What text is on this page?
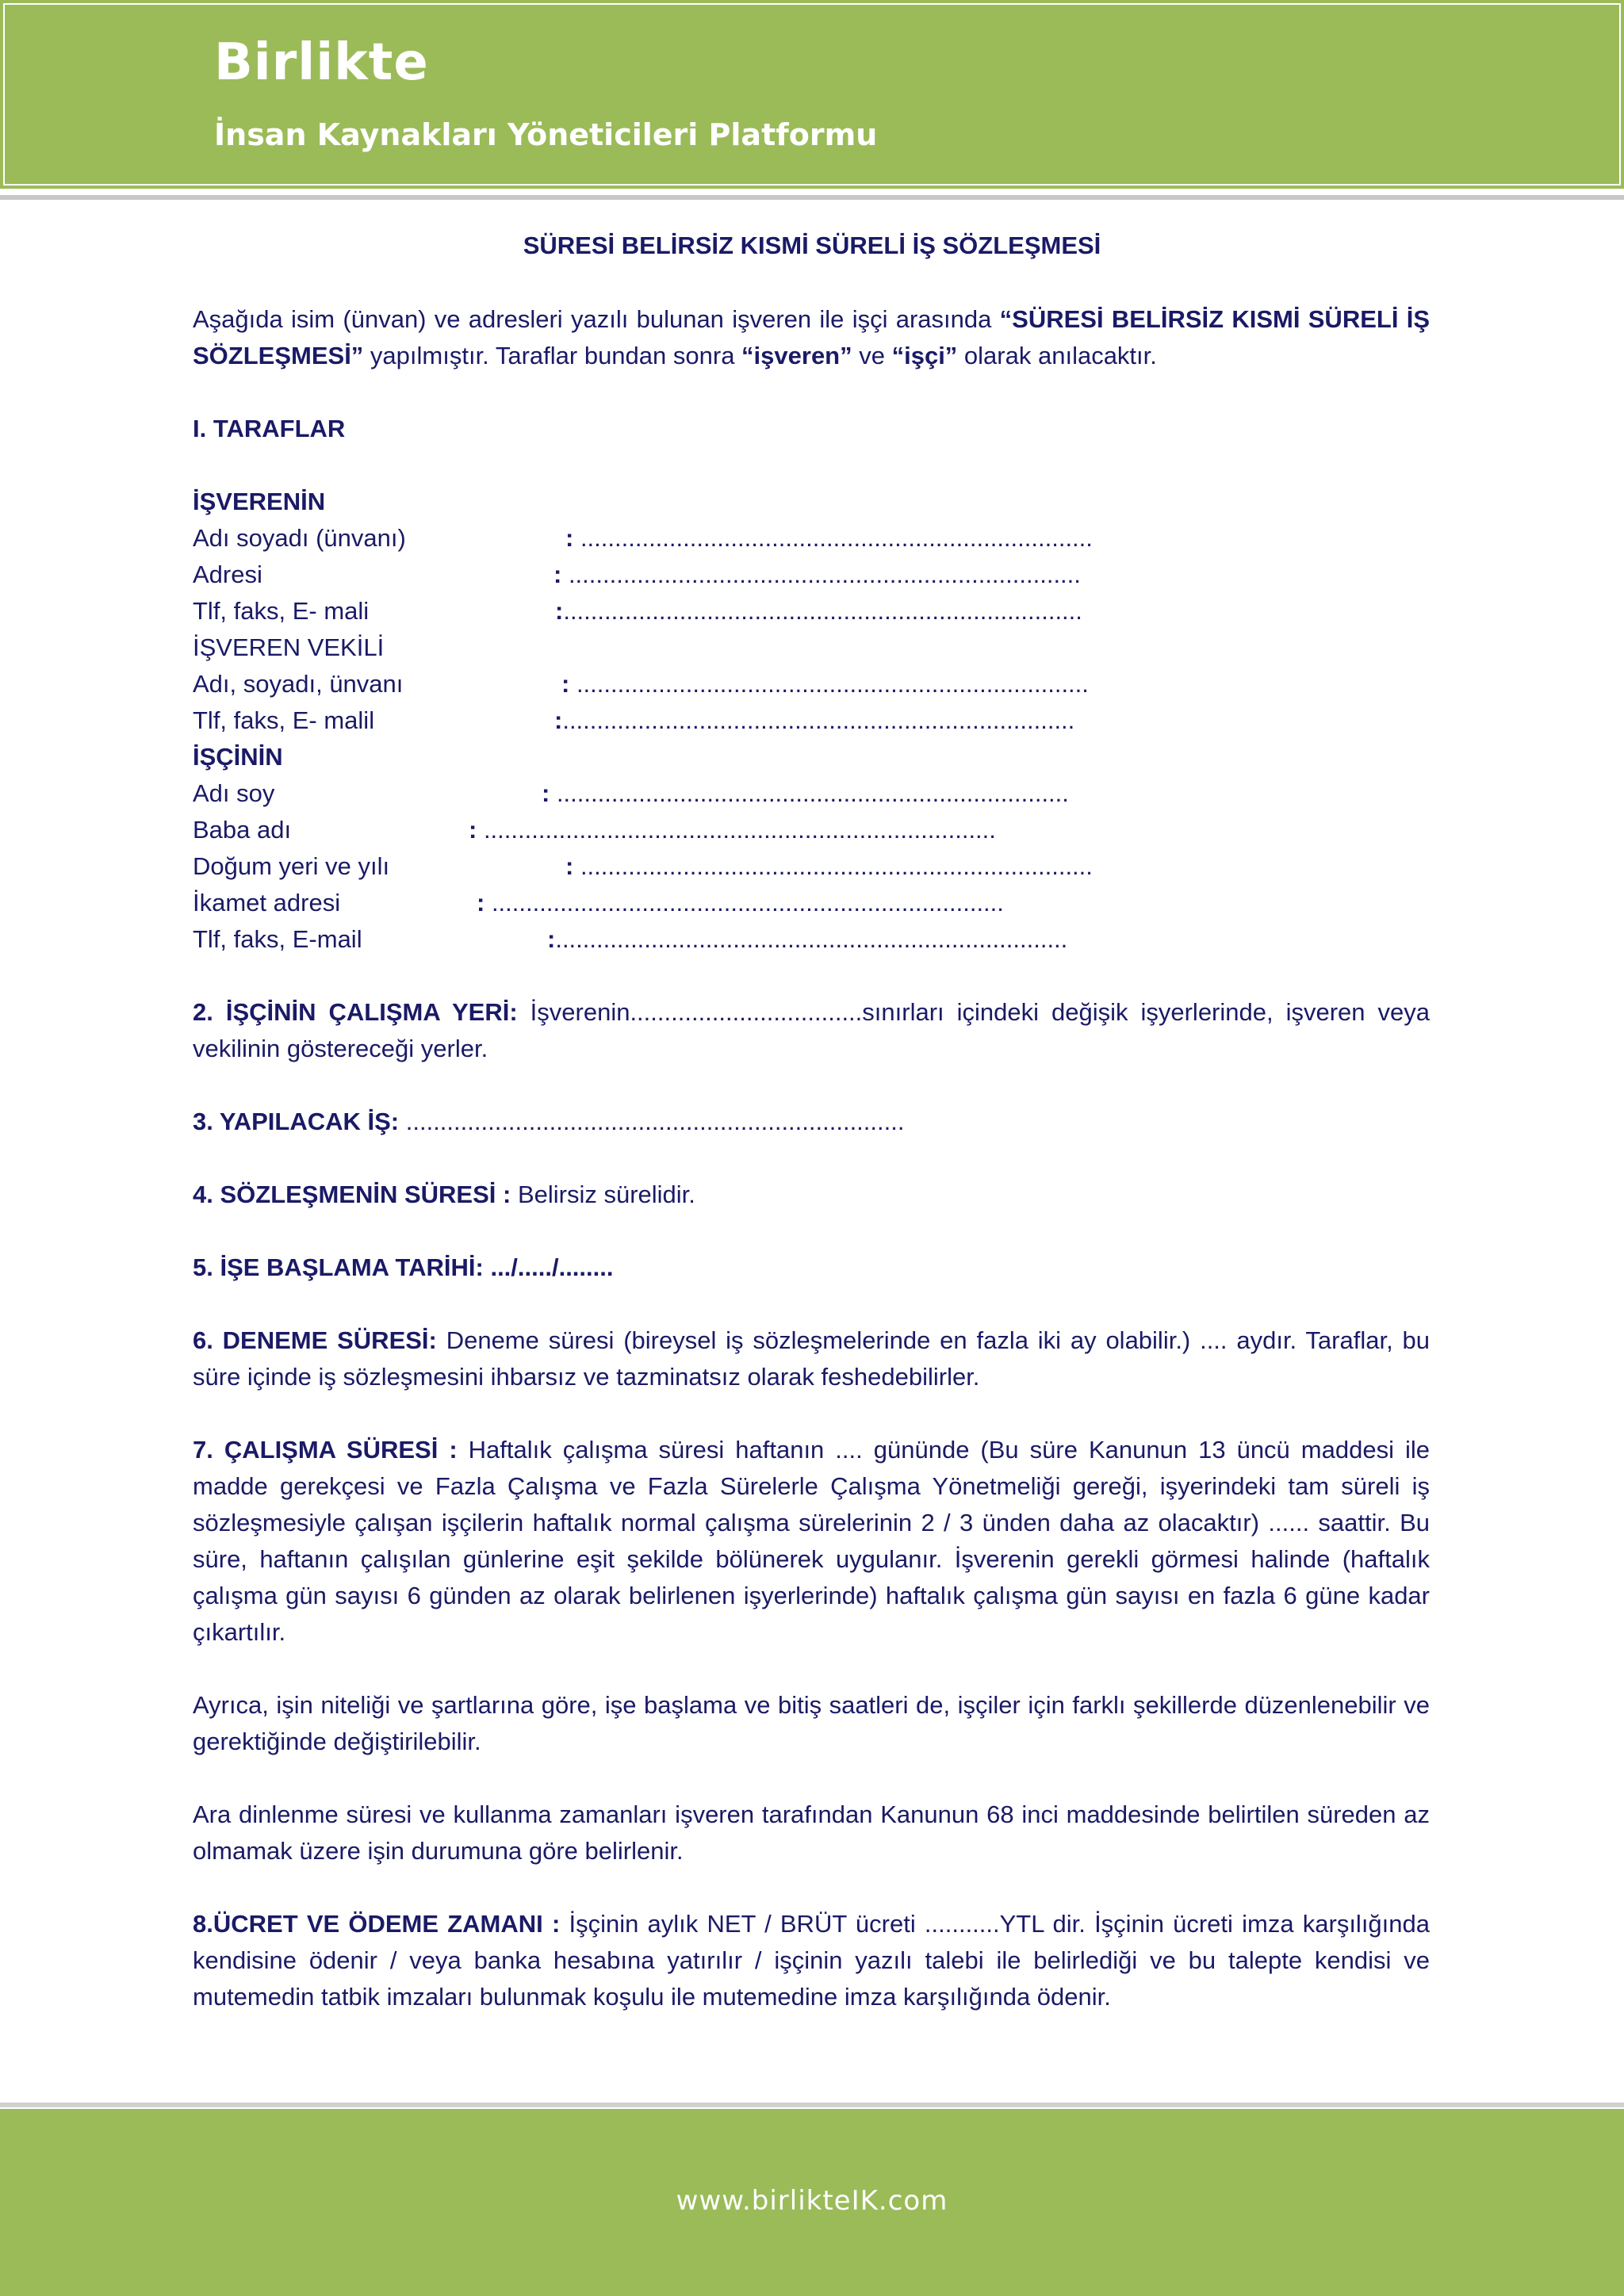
Birlikte
İnsan Kaynakları Yöneticileri Platformu
SÜRESİ BELİRSİZ KISMİ SÜRELİ İŞ SÖZLEŞMESİ

Aşağıda isim (ünvan) ve adresleri yazılı bulunan işveren ile işçi arasında “SÜRESİ BELİRSİZ KISMİ SÜRELİ İŞ SÖZLEŞMESİ” yapılmıştır. Taraflar bundan sonra “işveren” ve “işçi” olarak anılacaktır.

I. TARAFLAR

İŞVERENİN
Adı soyadı (ünvanı)	: ...........................................................................
Adresi	: ...........................................................................
Tlf, faks, E- mali	:............................................................................
İŞVEREN VEKİLİ
Adı, soyadı, ünvanı	: ...........................................................................
Tlf, faks, E- malil	:...........................................................................
İŞÇİNİN
Adı soy	: ...........................................................................
Baba adı	: ...........................................................................
Doğum yeri ve yılı	: ...........................................................................
İkamet adresi	: ...........................................................................
Tlf, faks, E-mail	:...........................................................................

2. İŞÇİNİN ÇALIŞMA YERİ: İşverenin..................................sınırları içindeki değişik işyerlerinde, işveren veya vekilinin göstereceği yerler.

3. YAPILACAK İŞ: .........................................................................

4. SÖZLEŞMENİN SÜRESİ : Belirsiz sürelidir.

5. İŞE BAŞLAMA TARİHİ: .../...../........

6. DENEME SÜRESİ: Deneme süresi (bireysel iş sözleşmelerinde en fazla iki ay olabilir.) .... aydır. Taraflar, bu süre içinde iş sözleşmesini ihbarsız ve tazminatsız olarak feshedebilirler.

7. ÇALIŞMA SÜRESİ : Haftalık çalışma süresi haftanın .... gününde (Bu süre Kanunun 13 üncü maddesi ile madde gerekçesi ve Fazla Çalışma ve Fazla Sürelerle Çalışma Yönetmeliği gereği, işyerindeki tam süreli iş sözleşmesiyle çalışan işçilerin haftalık normal çalışma sürelerinin 2 / 3 ünden daha az olacaktır) ...... saattir. Bu süre, haftanın çalışılan günlerine eşit şekilde bölünerek uygulanır. İşverenin gerekli görmesi halinde (haftalık çalışma gün sayısı 6 günden az olarak belirlenen işyerlerinde) haftalık çalışma gün sayısı en fazla 6 güne kadar çıkartılır.

Ayrıca, işin niteliği ve şartlarına göre, işe başlama ve bitiş saatleri de, işçiler için farklı şekillerde düzenlenebilir ve gerektiğinde değiştirilebilir.

Ara dinlenme süresi ve kullanma zamanları işveren tarafından Kanunun 68 inci maddesinde belirtilen süreden az olmamak üzere işin durumuna göre belirlenir.

8.ÜCRET VE ÖDEME ZAMANI : İşçinin aylık NET / BRÜT ücreti ...........YTL dir. İşçinin ücreti imza karşılığında kendisine ödenir / veya banka hesabına yatırılır / işçinin yazılı talebi ile belirlediği ve bu talepte kendisi ve mutemedin tatbik imzaları bulunmak koşulu ile mutemedine imza karşılığında ödenir.

www.birlikteIK.com
